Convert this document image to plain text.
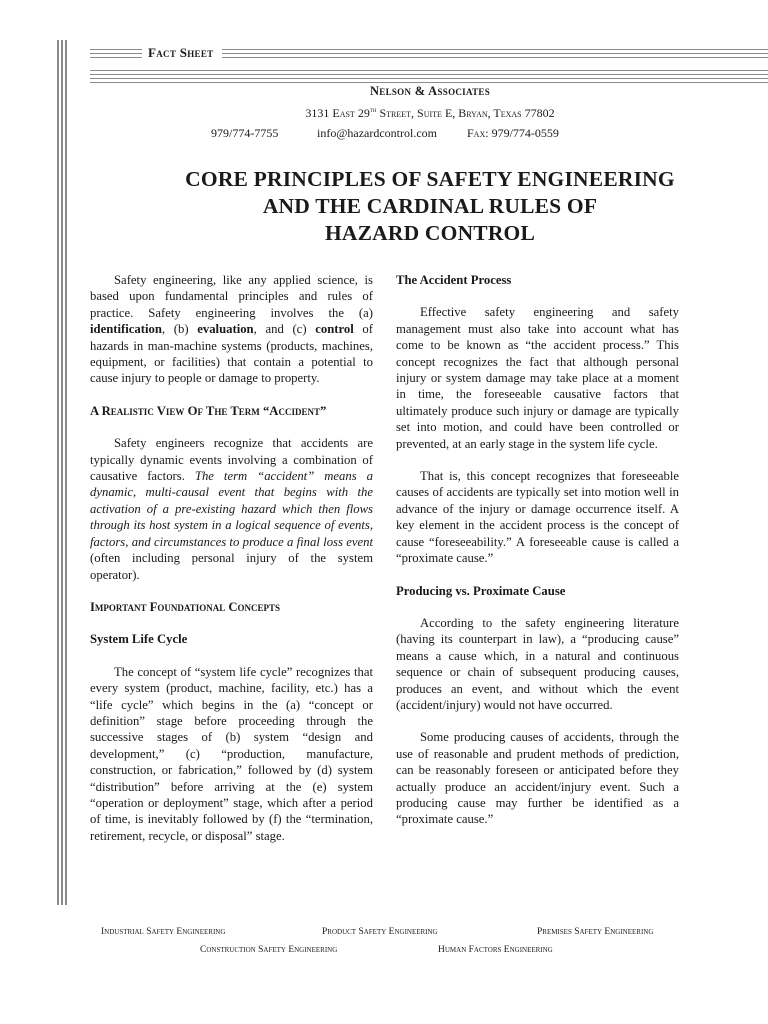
Fact Sheet
Nelson & Associates
3131 East 29th Street, Suite E, Bryan, Texas 77802
979/774-7755	info@hazardcontrol.com Fax: 979/774-0559
CORE PRINCIPLES OF SAFETY ENGINEERING
AND THE CARDINAL RULES OF
HAZARD CONTROL

Safety engineering, like any applied science, is based upon fundamental principles and rules of practice. Safety engineering involves the (a) identification, (b) evaluation, and (c) control of hazards in man-machine systems (products, machines, equipment, or facilities) that contain a potential to cause injury to people or damage to property.

A Realistic View Of The Term “Accident”

Safety engineers recognize that accidents are typically dynamic events involving a combination of causative factors. The term “accident” means a dynamic, multi-causal event that begins with the activation of a pre-existing hazard which then flows through its host system in a logical sequence of events, factors, and circumstances to produce a final loss event (often including personal injury of the system operator).

Important Foundational Concepts
System Life Cycle

The concept of “system life cycle” recognizes that every system (product, machine, facility, etc.) has a “life cycle” which begins in the (a) “concept or definition” stage before proceeding through the successive stages of (b) system “design and development,” (c) “production, manufacture, construction, or fabrication,” followed by (d) system “distribution” before arriving at the (e) system “operation or deployment” stage, which after a period of time, is inevitably followed by (f) the “termination, retirement, recycle, or disposal” stage.

The Accident Process

Effective safety engineering and safety management must also take into account what has come to be known as “the accident process.” This concept recognizes the fact that although personal injury or system damage may take place at a moment in time, the foreseeable causative factors that ultimately produce such injury or damage are typically set into motion, and could have been controlled or prevented, at an early stage in the system life cycle.

That is, this concept recognizes that foreseeable causes of accidents are typically set into motion well in advance of the injury or damage occurrence itself. A key element in the accident process is the concept of cause “foreseeability.” A foreseeable cause is called a “proximate cause.”

Producing vs. Proximate Cause

According to the safety engineering literature (having its counterpart in law), a “producing cause” means a cause which, in a natural and continuous sequence or chain of subsequent producing causes, produces an event, and without which the event (accident/injury) would not have occurred.

Some producing causes of accidents, through the use of reasonable and prudent methods of prediction, can be reasonably foreseen or anticipated before they actually produce an accident/injury event. Such a producing cause may further be identified as a “proximate cause.”

Industrial Safety Engineering	Product Safety Engineering	Premises Safety Engineering
Construction Safety Engineering	Human Factors Engineering
